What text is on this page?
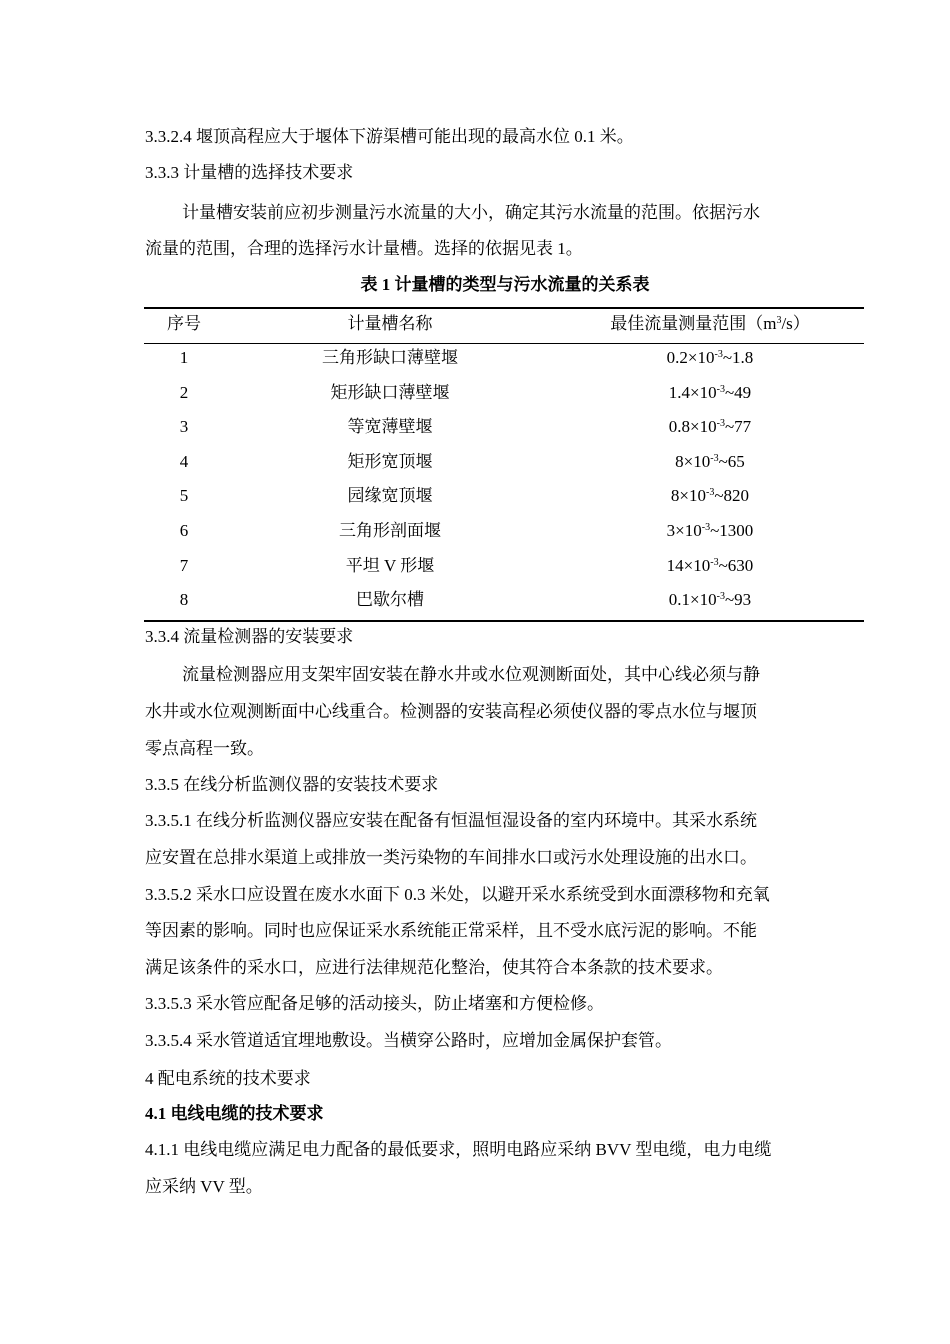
3.3.2.4 堰顶高程应大于堰体下游渠槽可能出现的最高水位 0.1 米。
3.3.3 计量槽的选择技术要求
计量槽安装前应初步测量污水流量的大小，确定其污水流量的范围。依据污水
流量的范围，合理的选择污水计量槽。选择的依据见表 1。
表 1 计量槽的类型与污水流量的关系表
序号	计量槽名称	最佳流量测量范围$(m^3/s)$
1	三角形缺口薄壁堰	$0.2\times 10^{-3}\sim 1.8$
2	矩形缺口薄壁堰	$1.4\times 10^{-3}\sim 49$
3	等宽薄壁堰	$0.8\times 10^{-3}\sim 77$
4	矩形宽顶堰	$8\times 10^{-3}\sim 65$
5	园缘宽顶堰	$8\times 10^{-3}\sim 820$
6	三角形剖面堰	$3\times 10^{-3}\sim 1300$
7	平坦 V 形堰	$14\times 10^{-3}\sim 630$
8	巴歇尔槽	$0.1\times 10^{-3}\sim 93$
3.3.4 流量检测器的安装要求
流量检测器应用支架牢固安装在静水井或水位观测断面处，其中心线必须与静
水井或水位观测断面中心线重合。检测器的安装高程必须使仪器的零点水位与堰顶
零点高程一致。
3.3.5 在线分析监测仪器的安装技术要求
3.3.5.1 在线分析监测仪器应安装在配备有恒温恒湿设备的室内环境中。其采水系统
应安置在总排水渠道上或排放一类污染物的车间排水口或污水处理设施的出水口。
3.3.5.2 采水口应设置在废水水面下 0.3 米处，以避开采水系统受到水面漂移物和充氧
等因素的影响。同时也应保证采水系统能正常采样，且不受水底污泥的影响。不能
满足该条件的采水口，应进行法律规范化整治，使其符合本条款的技术要求。
3.3.5.3 采水管应配备足够的活动接头，防止堵塞和方便检修。
3.3.5.4 采水管道适宜埋地敷设。当横穿公路时，应增加金属保护套管。
4 配电系统的技术要求
4.1 电线电缆的技术要求
4.1.1 电线电缆应满足电力配备的最低要求，照明电路应采纳 BVV 型电缆，电力电缆
应采纳 VV 型。
